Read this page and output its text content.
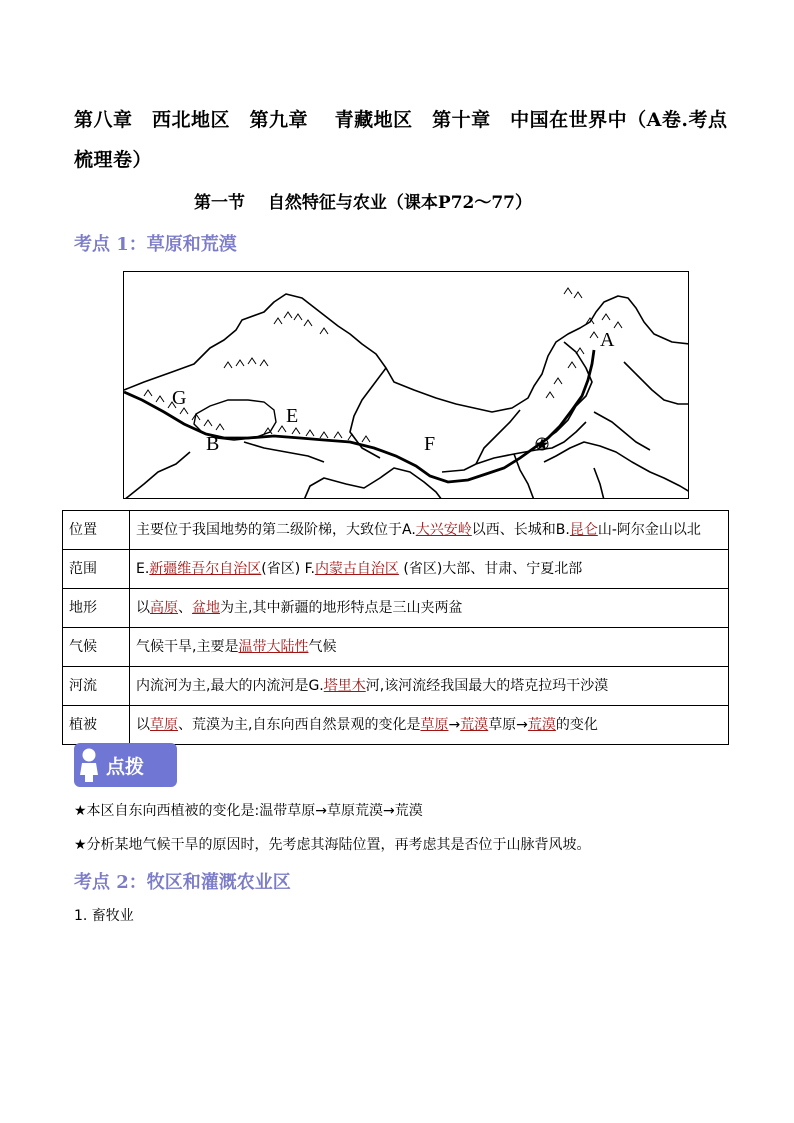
第八章　西北地区　第九章　 青藏地区　第十章　中国在世界中（A卷.考点梳理卷）
第一节　 自然特征与农业（课本P72～77）
考点 1：草原和荒漠
A
B
E
F
G
位置	主要位于我国地势的第二级阶梯，大致位于A.大兴安岭以西、长城和B.昆仑山-阿尔金山以北
范围	E.新疆维吾尔自治区(省区) F.内蒙古自治区 (省区)大部、甘肃、宁夏北部
地形	以高原、盆地为主,其中新疆的地形特点是三山夹两盆
气候	气候干旱,主要是温带大陆性气候
河流	内流河为主,最大的内流河是G.塔里木河,该河流经我国最大的塔克拉玛干沙漠
植被	以草原、荒漠为主,自东向西自然景观的变化是草原→荒漠草原→荒漠的变化
点拨
★本区自东向西植被的变化是:温带草原→草原荒漠→荒漠
★分析某地气候干旱的原因时，先考虑其海陆位置，再考虑其是否位于山脉背风坡。
考点 2：牧区和灌溉农业区
1. 畜牧业
